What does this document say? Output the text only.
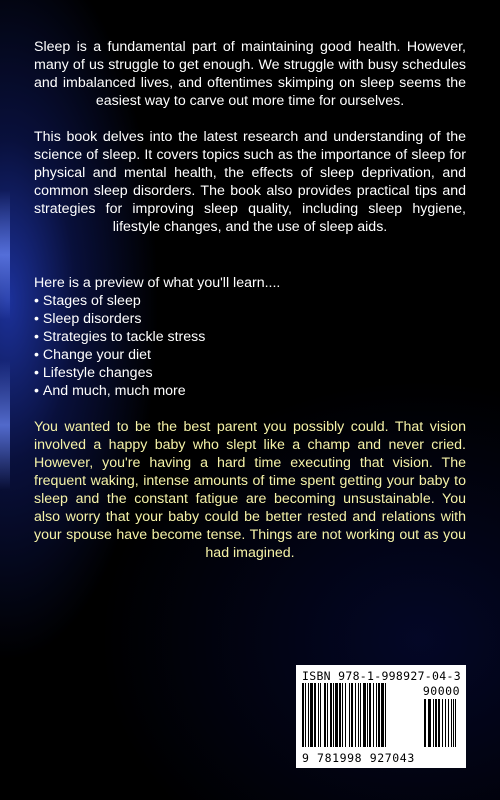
Sleep is a fundamental part of maintaining good health. However, many of us struggle to get enough. We struggle with busy schedules and imbalanced lives, and oftentimes skimping on sleep seems the easiest way to carve out more time for ourselves.
This book delves into the latest research and understanding of the science of sleep. It covers topics such as the importance of sleep for physical and mental health, the effects of sleep deprivation, and common sleep disorders. The book also provides practical tips and strategies for improving sleep quality, including sleep hygiene, lifestyle changes, and the use of sleep aids.
Here is a preview of what you'll learn....
• Stages of sleep
• Sleep disorders
• Strategies to tackle stress
• Change your diet
• Lifestyle changes
• And much, much more
You wanted to be the best parent you possibly could. That vision involved a happy baby who slept like a champ and never cried. However, you're having a hard time executing that vision. The frequent waking, intense amounts of time spent getting your baby to sleep and the constant fatigue are becoming unsustainable. You also worry that your baby could be better rested and relations with your spouse have become tense. Things are not working out as you had imagined.
ISBN 978-1-998927-04-3
90000
9 781998 927043
